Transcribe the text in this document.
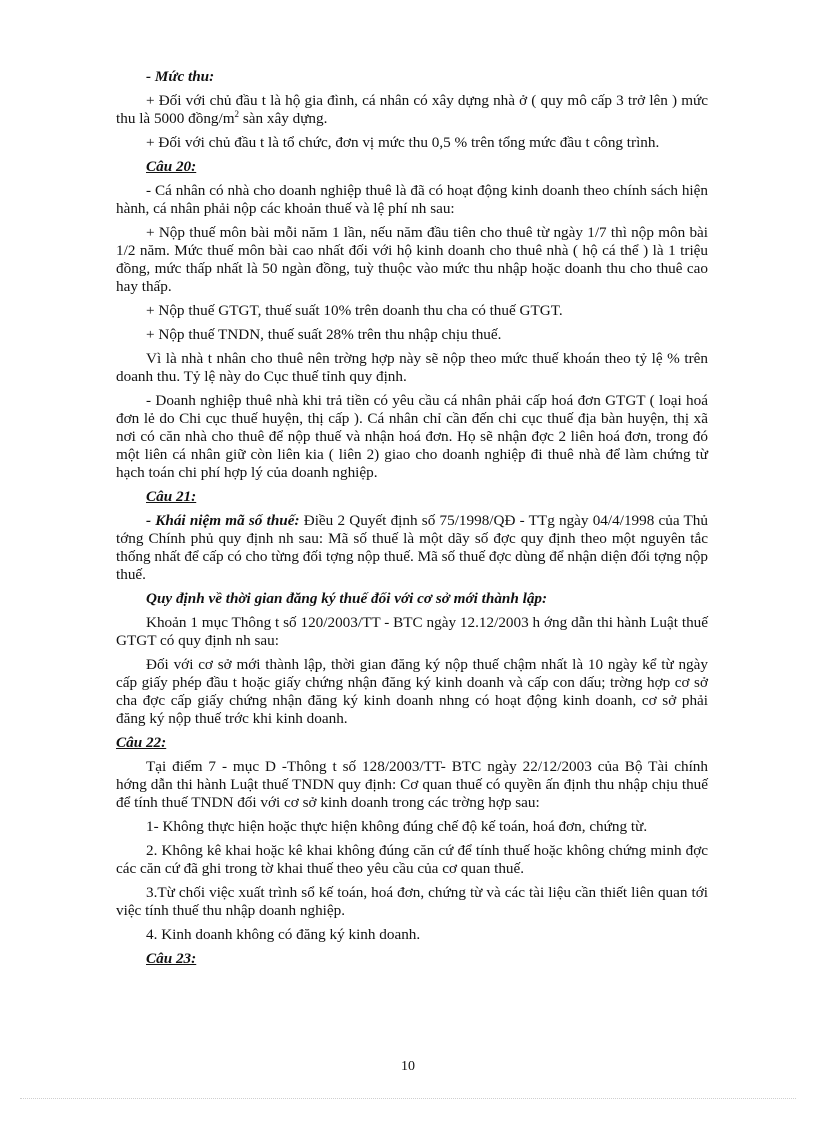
- Mức thu:

+ Đối với chủ đầu t là hộ gia đình, cá nhân có xây dựng nhà ở ( quy mô cấp 3 trở lên ) mức thu là 5000 đồng/$m^2$ sàn xây dựng.

+ Đối với chủ đầu t là tổ chức, đơn vị mức thu 0,5 % trên tổng mức đầu t công trình.

Câu 20:

- Cá nhân có nhà cho doanh nghiệp thuê là đã có hoạt động kinh doanh theo chính sách hiện hành, cá nhân phải nộp các khoản thuế và lệ phí nh sau:

+ Nộp thuế môn bài mỗi năm 1 lần, nếu năm đầu tiên cho thuê từ ngày 1/7 thì nộp môn bài 1/2 năm. Mức thuế môn bài cao nhất đối với hộ kinh doanh cho thuê nhà ( hộ cá thể ) là 1 triệu đồng, mức thấp nhất là 50 ngàn đồng, tuỳ thuộc vào mức thu nhập hoặc doanh thu cho thuê cao hay thấp.

+ Nộp thuế GTGT, thuế suất 10% trên doanh thu cha có thuế GTGT.

+ Nộp thuế TNDN, thuế suất 28% trên thu nhập chịu thuế.

Vì là nhà t nhân cho thuê nên trờng hợp này sẽ nộp theo mức thuế khoán theo tỷ lệ % trên doanh thu. Tỷ lệ này do Cục thuế tỉnh quy định.

- Doanh nghiệp thuê nhà khi trả tiền có yêu cầu cá nhân phải cấp hoá đơn GTGT ( loại hoá đơn lẻ do Chi cục thuế huyện, thị cấp ). Cá nhân chỉ cần đến chi cục thuế địa bàn huyện, thị xã nơi có căn nhà cho thuê để nộp thuế và nhận hoá đơn. Họ sẽ nhận đợc 2 liên hoá đơn, trong đó một liên cá nhân giữ còn liên kia ( liên 2) giao cho doanh nghiệp đi thuê nhà để làm chứng từ hạch toán chi phí hợp lý của doanh nghiệp.

Câu 21:

- Khái niệm mã số thuế: Điều 2 Quyết định số 75/1998/QĐ - TTg ngày 04/4/1998 của Thủ tớng Chính phủ quy định nh sau: Mã số thuế là một dãy số đợc quy định theo một nguyên tắc thống nhất để cấp có cho từng đối tợng nộp thuế. Mã số thuế đợc dùng để nhận diện đối tợng nộp thuế.

Quy định về thời gian đăng ký thuế đối với cơ sở mới thành lập:

Khoản 1 mục Thông t số 120/2003/TT - BTC ngày 12.12/2003 h ớng dẫn thi hành Luật thuế GTGT có quy định nh sau:

Đối với cơ sở mới thành lập, thời gian đăng ký nộp thuế chậm nhất là 10 ngày kể từ ngày cấp giấy phép đầu t hoặc giấy chứng nhận đăng ký kinh doanh và cấp con dấu; trờng hợp cơ sở cha đợc cấp giấy chứng nhận đăng ký kinh doanh nhng có hoạt động kinh doanh, cơ sở phải đăng ký nộp thuế trớc khi kinh doanh.

Câu 22:

Tại điểm 7 - mục D -Thông t số 128/2003/TT- BTC ngày 22/12/2003 của Bộ Tài chính hớng dẫn thi hành Luật thuế TNDN quy định: Cơ quan thuế có quyền ấn định thu nhập chịu thuế để tính thuế TNDN đối với cơ sở kinh doanh trong các trờng hợp sau:

1- Không thực hiện hoặc thực hiện không đúng chế độ kế toán, hoá đơn, chứng từ.

2. Không kê khai hoặc kê khai không đúng căn cứ để tính thuế hoặc không chứng minh đợc các căn cứ đã ghi trong tờ khai thuế theo yêu cầu của cơ quan thuế.

3.Từ chối việc xuất trình sổ kế toán, hoá đơn, chứng từ và các tài liệu cần thiết liên quan tới việc tính thuế thu nhập doanh nghiệp.

4. Kinh doanh không có đăng ký kinh doanh.

Câu 23:

10
